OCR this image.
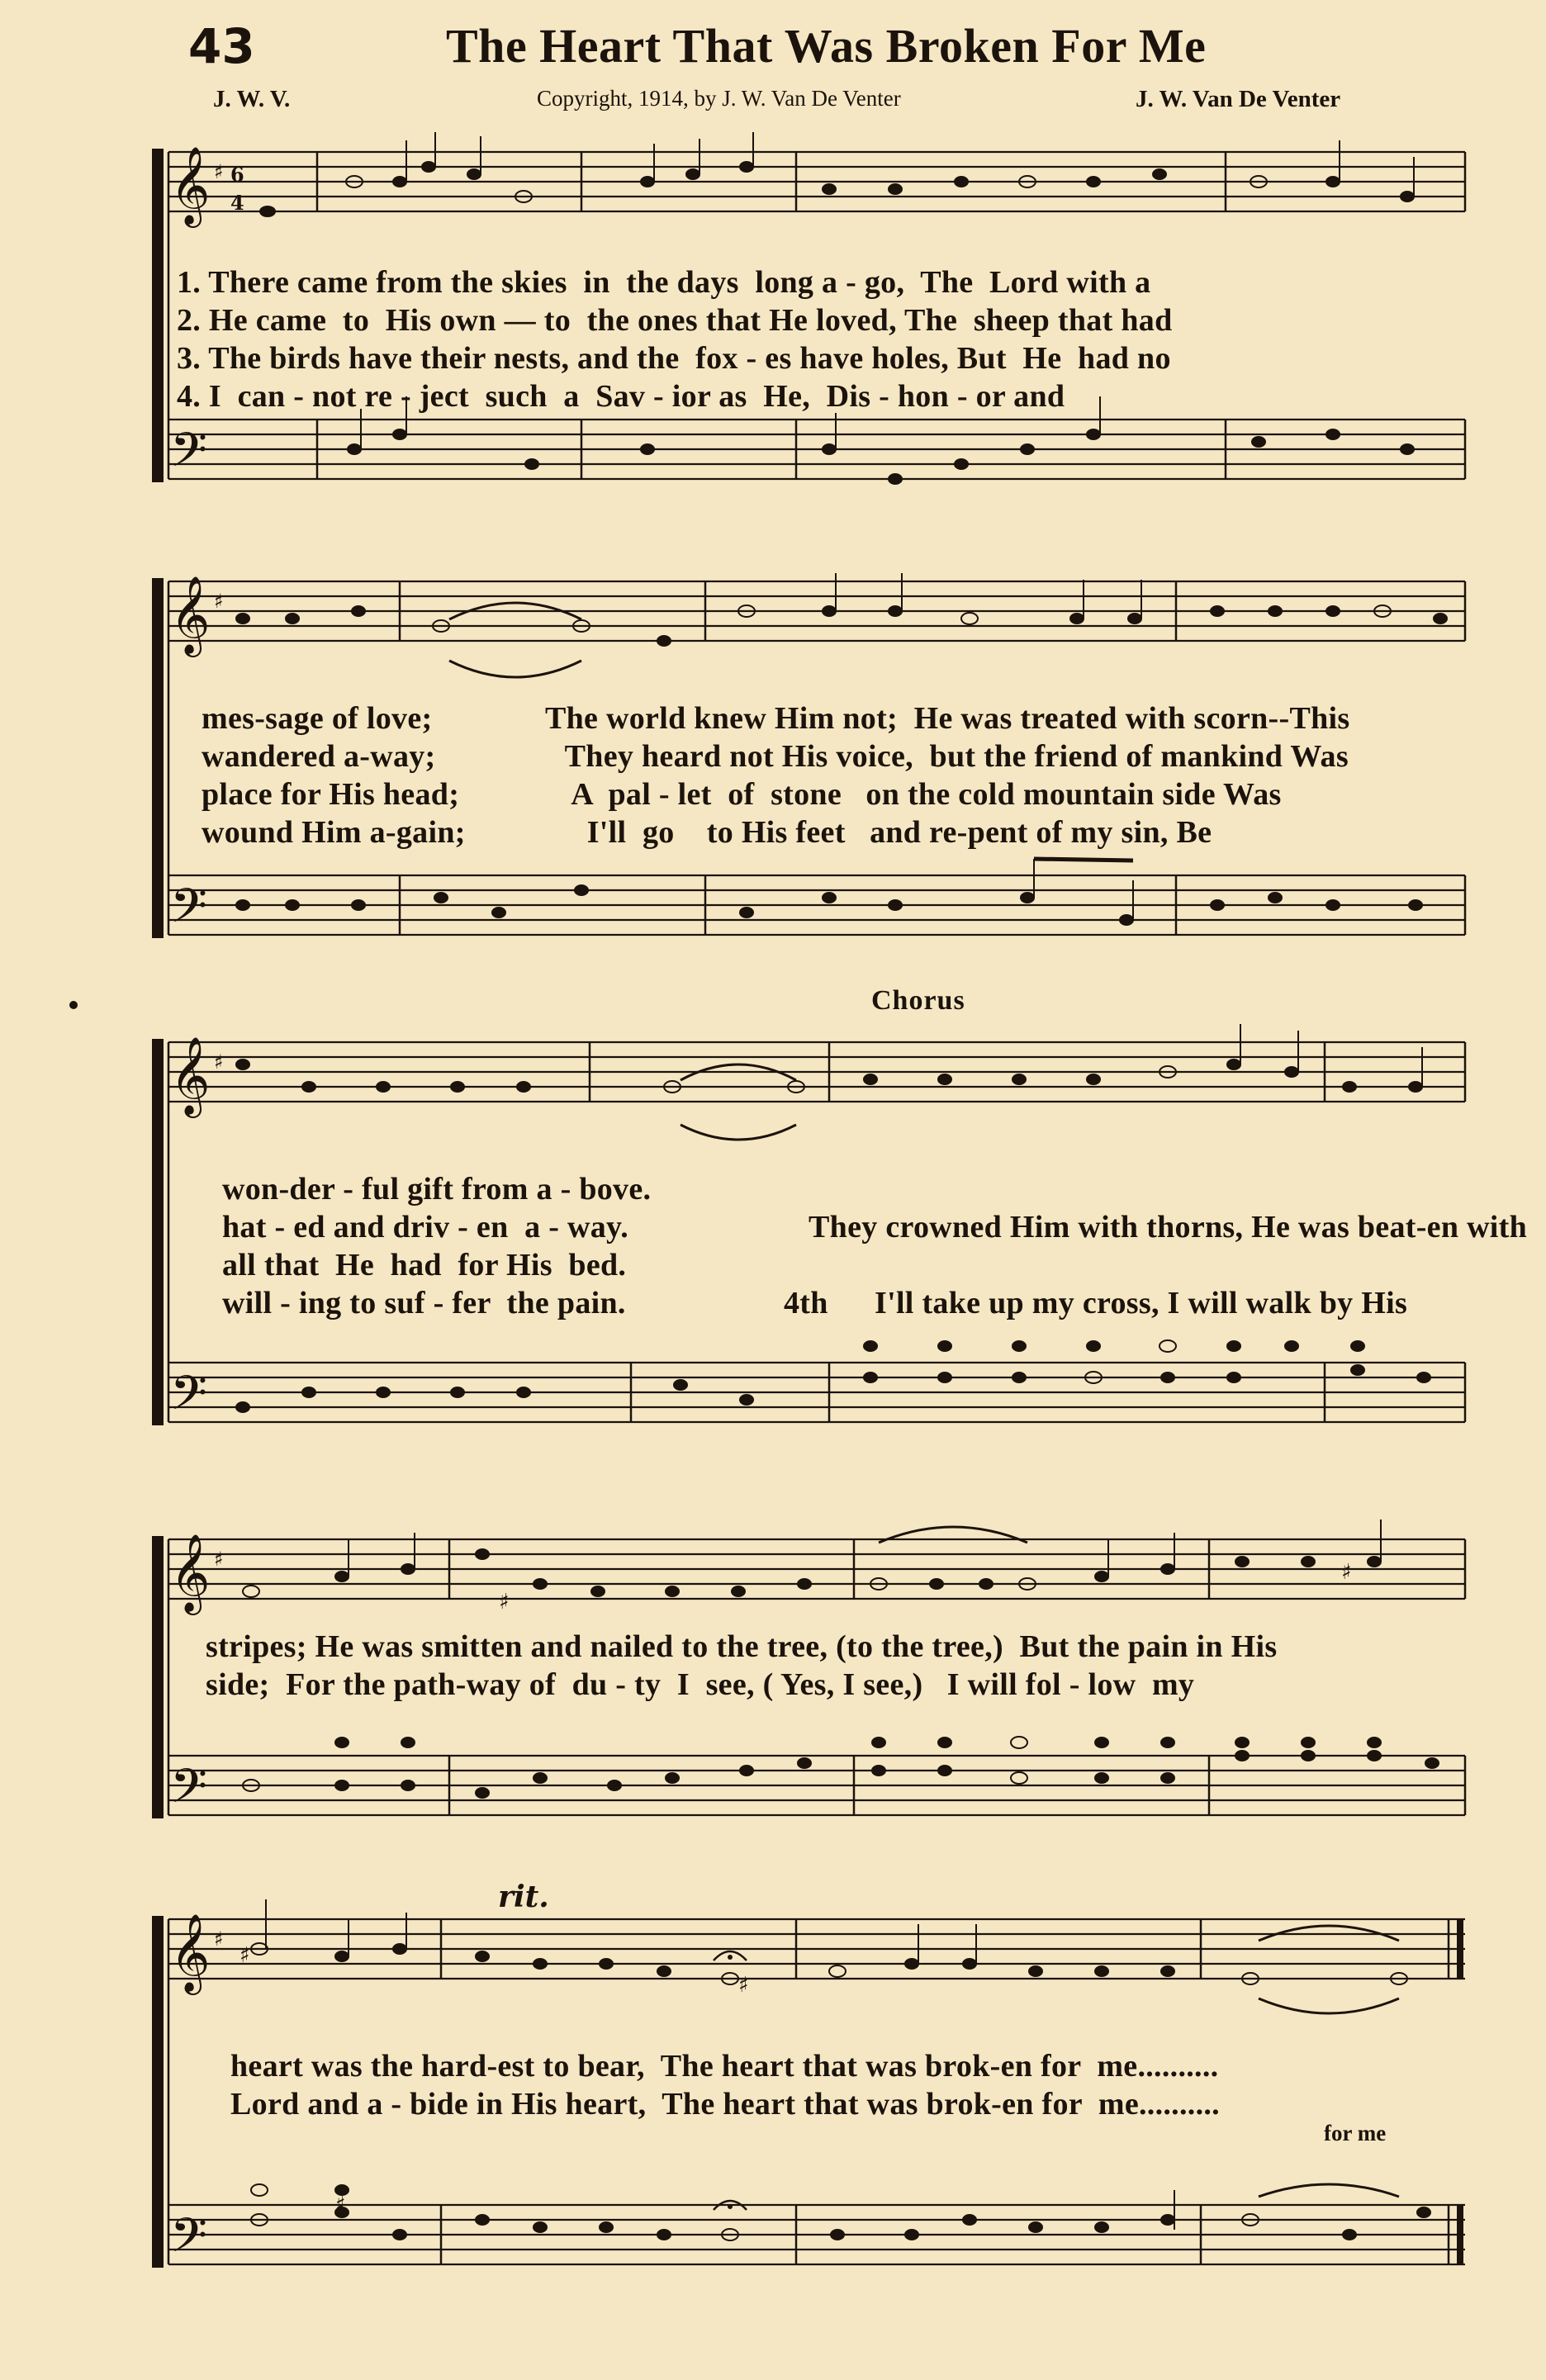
43	The Heart That Was Broken For Me
J. W. V.	Copyright, 1914, by J. W. Van De Venter	J. W. Van De Venter
𝄞
𝄢
♯ 6
4
1. There came from the skies  in  the days  long a - go,  The  Lord with a
2. He came  to  His own — to  the ones that He loved, The  sheep that had
3. The birds have their nests, and the  fox - es have holes, But  He  had no
4. I  can - not re - ject  such  a  Sav - ior as  He,  Dis - hon - or and
𝄞
𝄢
♯
mes-sage of love;              The world knew Him not;  He was treated with scorn--This
wandered a-way;                They heard not His voice,  but the friend of mankind Was
place for His head;              A  pal - let  of  stone   on the cold mountain side Was
wound Him a-gain;               I'll  go    to His feet   and re-pent of my sin, Be
Chorus
𝄞
𝄢
♯
won-der - ful gift from a - bove.
hat - ed and driv - en  a - way.
all that  He  had  for His  bed.
will - ing to suf - fer  the pain.
They crowned Him with thorns, He was beat-en with
4th I'll take up my cross, I will walk by His
𝄞
𝄢
♯
♯
♯
stripes; He was smitten and nailed to the tree, (to the tree,)  But the pain in His
side;  For the path-way of  du - ty  I  see, ( Yes, I see,)   I will fol - low  my
𝄞
𝄢
♯
♯
♯
♯
heart was the hard-est to bear,  The heart that was brok-en for  me..........
Lord and a - bide in His heart,  The heart that was brok-en for  me..........
rit.
for me
